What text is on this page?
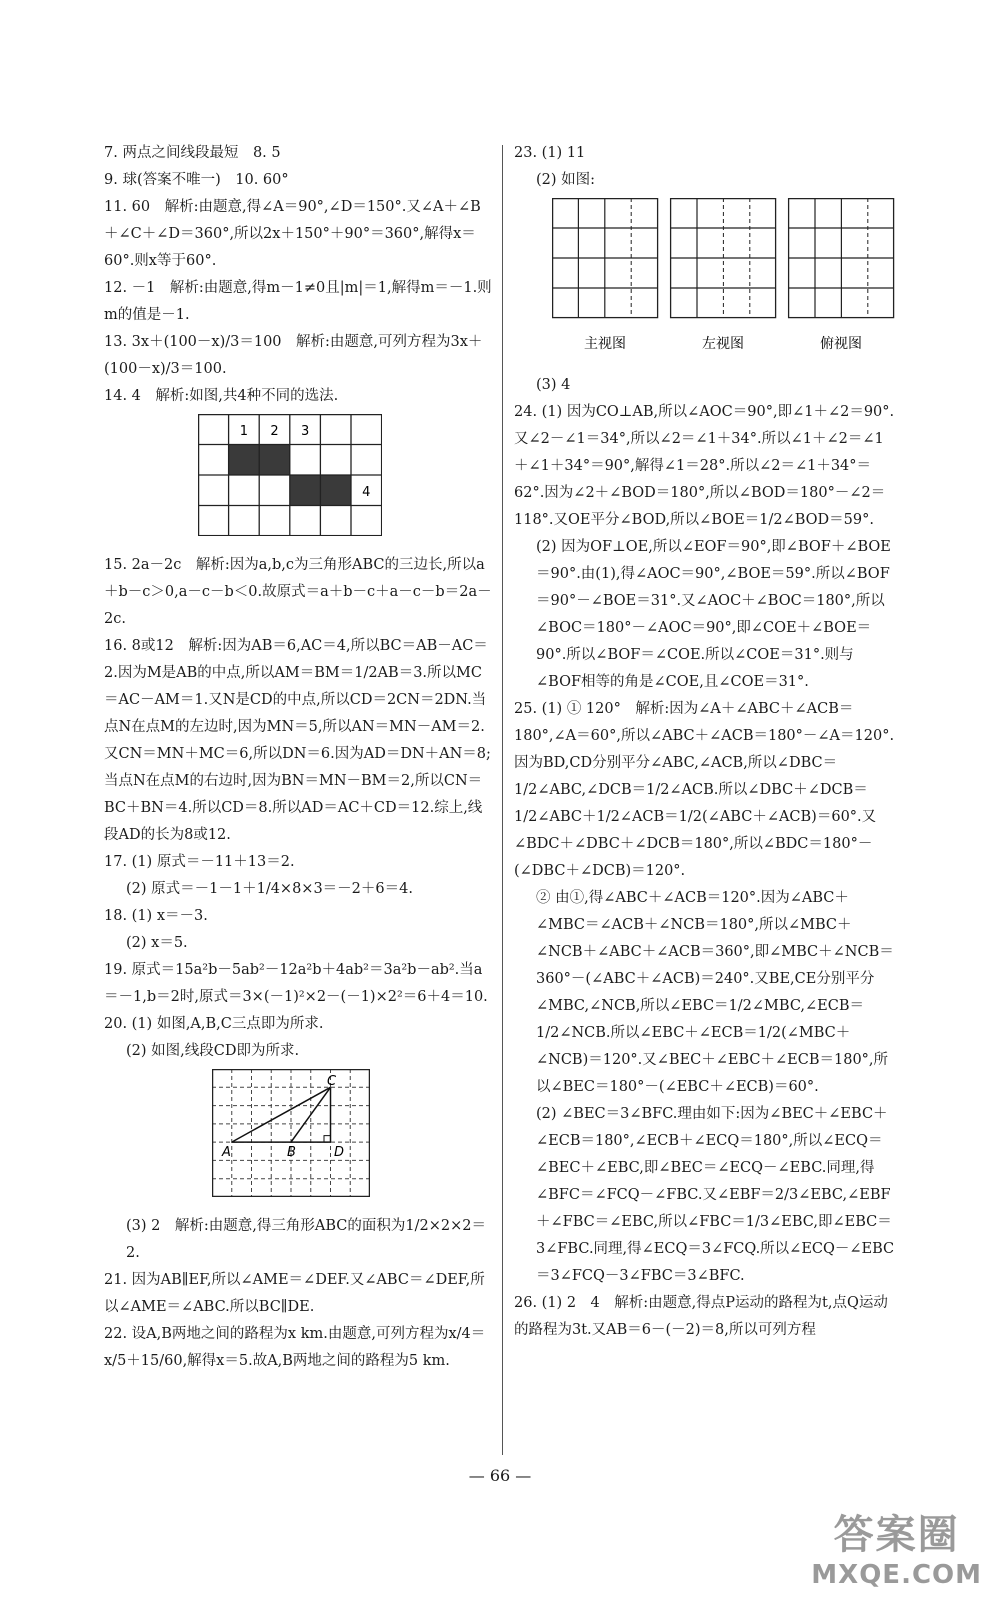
7. 两点之间线段最短　8. 5

9. 球(答案不唯一)　10. 60°

11. 60　解析:由题意,得∠A＝90°,∠D＝150°.又∠A＋∠B＋∠C＋∠D＝360°,所以2x＋150°＋90°＝360°,解得x＝60°.则x等于60°.

12. －1　解析:由题意,得m－1≠0且|m|＝1,解得m＝－1.则m的值是－1.

13. 3x＋(100－x)/3＝100　解析:由题意,可列方程为3x＋(100－x)/3＝100.

14. 4　解析:如图,共4种不同的选法.

1 2 3
4

15. 2a－2c　解析:因为a,b,c为三角形ABC的三边长,所以a＋b－c＞0,a－c－b＜0.故原式＝a＋b－c＋a－c－b＝2a－2c.

16. 8或12　解析:因为AB＝6,AC＝4,所以BC＝AB－AC＝2.因为M是AB的中点,所以AM＝BM＝1/2AB＝3.所以MC＝AC－AM＝1.又N是CD的中点,所以CD＝2CN＝2DN.当点N在点M的左边时,因为MN＝5,所以AN＝MN－AM＝2.又CN＝MN＋MC＝6,所以DN＝6.因为AD＝DN＋AN＝8;当点N在点M的右边时,因为BN＝MN－BM＝2,所以CN＝BC＋BN＝4.所以CD＝8.所以AD＝AC＋CD＝12.综上,线段AD的长为8或12.

17. (1) 原式＝－11＋13＝2.

(2) 原式＝－1－1＋1/4×8×3＝－2＋6＝4.

18. (1) x＝－3.

(2) x＝5.

19. 原式＝15a²b－5ab²－12a²b＋4ab²＝3a²b－ab².当a＝－1,b＝2时,原式＝3×(－1)²×2－(－1)×2²＝6＋4＝10.

20. (1) 如图,A,B,C三点即为所求.

(2) 如图,线段CD即为所求.

C
A	B	D

(3) 2　解析:由题意,得三角形ABC的面积为1/2×2×2＝2.

21. 因为AB∥EF,所以∠AME＝∠DEF.又∠ABC＝∠DEF,所以∠AME＝∠ABC.所以BC∥DE.

22. 设A,B两地之间的路程为x km.由题意,可列方程为x/4＝x/5＋15/60,解得x＝5.故A,B两地之间的路程为5 km.

23. (1) 11

(2) 如图:

主视图	左视图	俯视图

(3) 4

24. (1) 因为CO⊥AB,所以∠AOC＝90°,即∠1＋∠2＝90°.又∠2－∠1＝34°,所以∠2＝∠1＋34°.所以∠1＋∠2＝∠1＋∠1＋34°＝90°,解得∠1＝28°.所以∠2＝∠1＋34°＝62°.因为∠2＋∠BOD＝180°,所以∠BOD＝180°－∠2＝118°.又OE平分∠BOD,所以∠BOE＝1/2∠BOD＝59°.

(2) 因为OF⊥OE,所以∠EOF＝90°,即∠BOF＋∠BOE＝90°.由(1),得∠AOC＝90°,∠BOE＝59°.所以∠BOF＝90°－∠BOE＝31°.又∠AOC＋∠BOC＝180°,所以∠BOC＝180°－∠AOC＝90°,即∠COE＋∠BOE＝90°.所以∠BOF＝∠COE.所以∠COE＝31°.则与∠BOF相等的角是∠COE,且∠COE＝31°.

25. (1) ① 120°　解析:因为∠A＋∠ABC＋∠ACB＝180°,∠A＝60°,所以∠ABC＋∠ACB＝180°－∠A＝120°.因为BD,CD分别平分∠ABC,∠ACB,所以∠DBC＝1/2∠ABC,∠DCB＝1/2∠ACB.所以∠DBC＋∠DCB＝1/2∠ABC＋1/2∠ACB＝1/2(∠ABC＋∠ACB)＝60°.又∠BDC＋∠DBC＋∠DCB＝180°,所以∠BDC＝180°－(∠DBC＋∠DCB)＝120°.

② 由①,得∠ABC＋∠ACB＝120°.因为∠ABC＋∠MBC＝∠ACB＋∠NCB＝180°,所以∠MBC＋∠NCB＋∠ABC＋∠ACB＝360°,即∠MBC＋∠NCB＝360°－(∠ABC＋∠ACB)＝240°.又BE,CE分别平分∠MBC,∠NCB,所以∠EBC＝1/2∠MBC,∠ECB＝1/2∠NCB.所以∠EBC＋∠ECB＝1/2(∠MBC＋∠NCB)＝120°.又∠BEC＋∠EBC＋∠ECB＝180°,所以∠BEC＝180°－(∠EBC＋∠ECB)＝60°.

(2) ∠BEC＝3∠BFC.理由如下:因为∠BEC＋∠EBC＋∠ECB＝180°,∠ECB＋∠ECQ＝180°,所以∠ECQ＝∠BEC＋∠EBC,即∠BEC＝∠ECQ－∠EBC.同理,得∠BFC＝∠FCQ－∠FBC.又∠EBF＝2/3∠EBC,∠EBF＋∠FBC＝∠EBC,所以∠FBC＝1/3∠EBC,即∠EBC＝3∠FBC.同理,得∠ECQ＝3∠FCQ.所以∠ECQ－∠EBC＝3∠FCQ－3∠FBC＝3∠BFC.

26. (1) 2　4　解析:由题意,得点P运动的路程为t,点Q运动的路程为3t.又AB＝6－(－2)＝8,所以可列方程

— 66 —
答案圈
MXQE.COM
